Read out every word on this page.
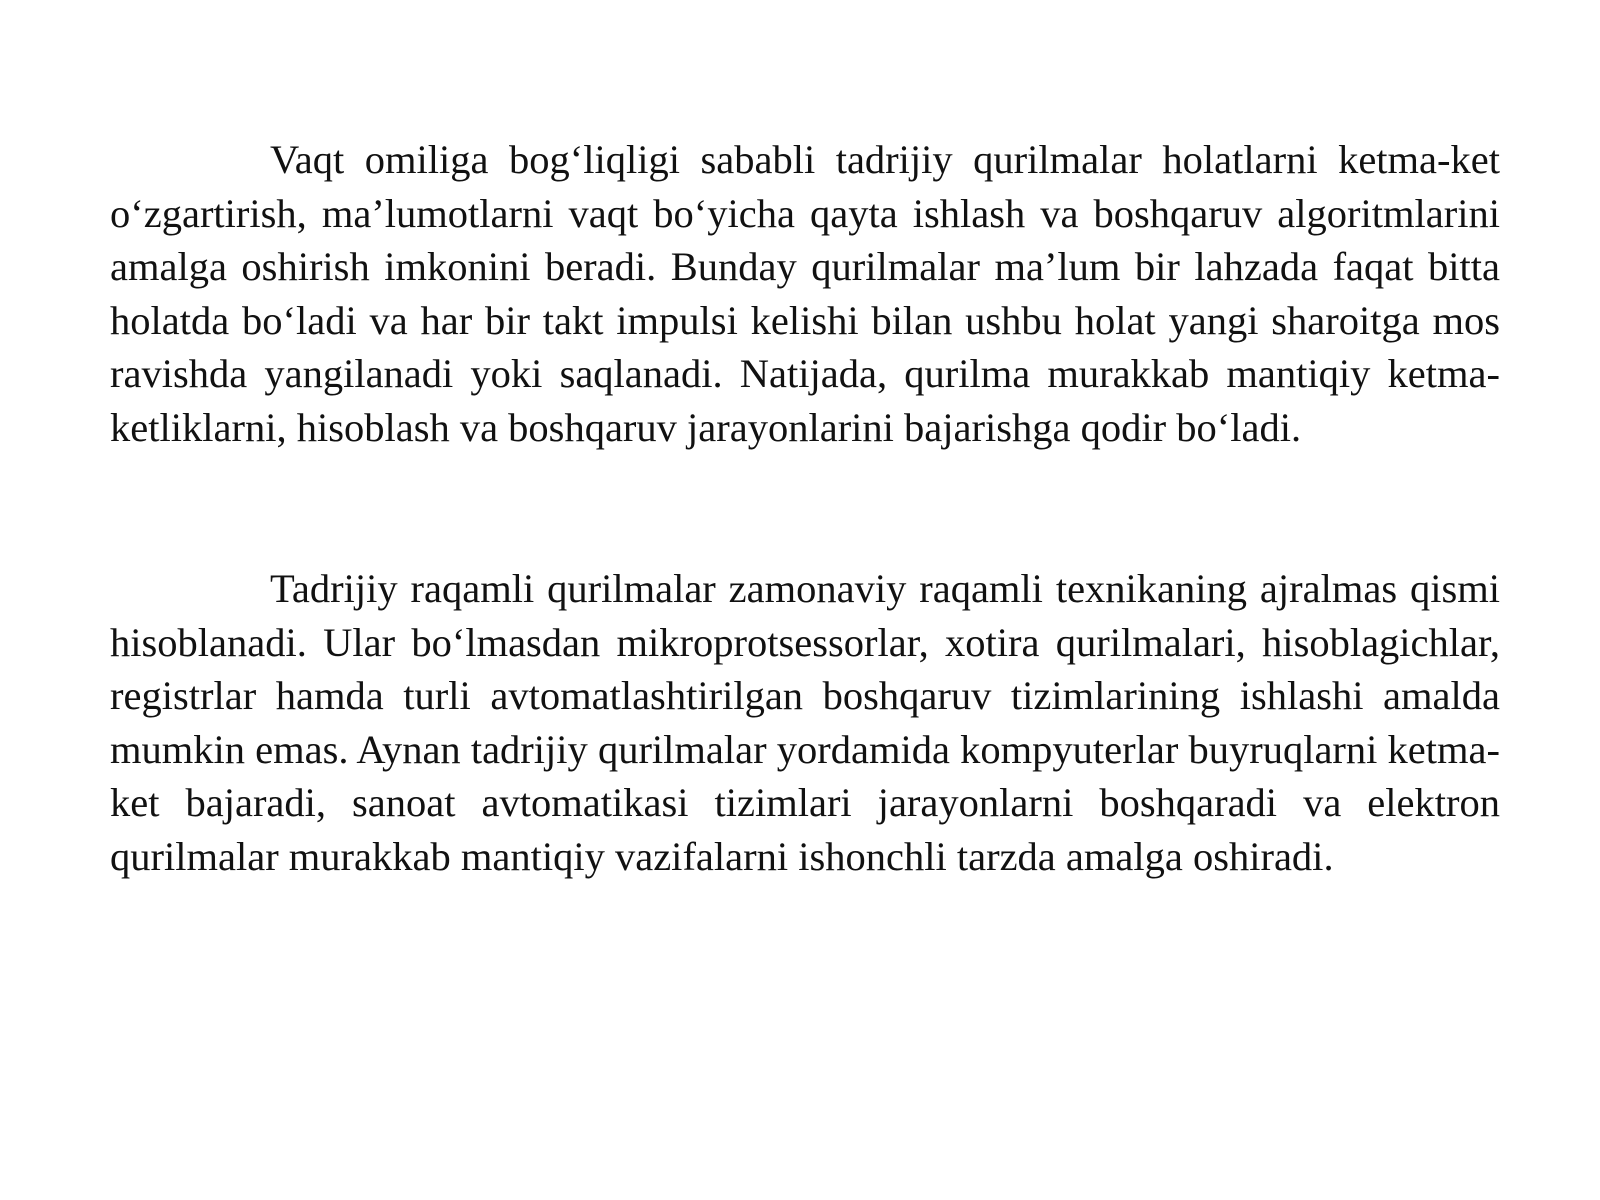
Vaqt omiliga bog‘liqligi sababli tadrijiy qurilmalar holatlarni ketma-ket o‘zgartirish, ma’lumotlarni vaqt bo‘yicha qayta ishlash va boshqaruv algoritmlarini amalga oshirish imkonini beradi. Bunday qurilmalar ma’lum bir lahzada faqat bitta holatda bo‘ladi va har bir takt impulsi kelishi bilan ushbu holat yangi sharoitga mos ravishda yangilanadi yoki saqlanadi. Natijada, qurilma murakkab mantiqiy ketma-ketliklarni, hisoblash va boshqaruv jarayonlarini bajarishga qodir bo‘ladi.

Tadrijiy raqamli qurilmalar zamonaviy raqamli texnikaning ajralmas qismi hisoblanadi. Ular bo‘lmasdan mikroprotsessorlar, xotira qurilmalari, hisoblagichlar, registrlar hamda turli avtomatlashtirilgan boshqaruv tizimlarining ishlashi amalda mumkin emas. Aynan tadrijiy qurilmalar yordamida kompyuterlar buyruqlarni ketma-ket bajaradi, sanoat avtomatikasi tizimlari jarayonlarni boshqaradi va elektron qurilmalar murakkab mantiqiy vazifalarni ishonchli tarzda amalga oshiradi.
